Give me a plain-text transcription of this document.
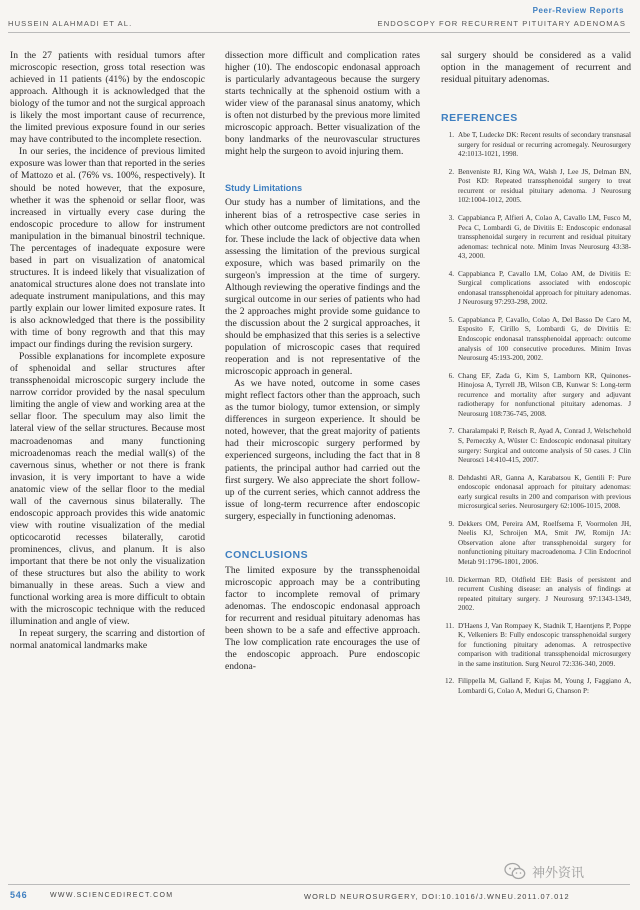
Peer-Review Reports
HUSSEIN ALAHMADI ET AL.	ENDOSCOPY FOR RECURRENT PITUITARY ADENOMAS

In the 27 patients with residual tumors after microscopic resection, gross total resection was achieved in 11 patients (41%) by the endoscopic approach. Although it is acknowledged that the biology of the tumor and not the surgical approach is likely the most important cause of recurrence, the limited previous exposure found in our series may have contributed to the incomplete resection.

In our series, the incidence of previous limited exposure was lower than that reported in the series of Mattozo et al. (76% vs. 100%, respectively). It should be noted however, that the exposure, whether it was the sphenoid or sellar floor, was increased in virtually every case during the endoscopic procedure to allow for instrument manipulation in the bimanual binostril technique. The percentages of inadequate exposure were based in part on visualization of anatomical structures. It is indeed likely that visualization of anatomical structures alone does not translate into adequate instrument manipulations, and this may partly explain our lower limited exposure rates. It is also acknowledged that there is the possibility with time of bony regrowth and that this may impact our findings during the revision surgery.

Possible explanations for incomplete exposure of sphenoidal and sellar structures after transsphenoidal microscopic surgery include the narrow corridor provided by the nasal speculum limiting the angle of view and working area at the sellar floor. The speculum may also limit the lateral view of the sellar structures. Because most macroadenomas and many functioning microadenomas reach the medial wall(s) of the cavernous sinus, whether or not there is frank invasion, it is very important to have a wide anatomic view of the sellar floor to the medial wall of the cavernous sinus bilaterally. The endoscopic approach provides this wide anatomic view with routine visualization of the medial opticocarotid recesses bilaterally, carotid prominences, clivus, and planum. It is also important that there be not only the visualization of these structures but also the ability to work bimanually in these areas. Such a view and functional working area is more difficult to obtain with the microscopic technique with the reduced illumination and angle of view.

In repeat surgery, the scarring and distortion of normal anatomical landmarks make

dissection more difficult and complication rates higher (10). The endoscopic endonasal approach is particularly advantageous because the surgery starts technically at the sphenoid ostium with a wider view of the paranasal sinus anatomy, which is often not disturbed by the previous more limited microscopic approach. Better visualization of the bony landmarks of the neurovascular structures might help the surgeon to avoid injuring them.

Study Limitations

Our study has a number of limitations, and the inherent bias of a retrospective case series in which other outcome predictors are not controlled for. These include the lack of objective data when assessing the limitation of the previous surgical exposure, which was based primarily on the surgeon's impression at the time of surgery. Although reviewing the operative findings and the surgical outcome in our series of patients who had the 2 approaches might provide some guidance to the discussion about the 2 surgical approaches, it should be emphasized that this series is a selective population of microscopic cases that required reoperation and is not representative of the microscopic approach in general.

As we have noted, outcome in some cases might reflect factors other than the approach, such as the tumor biology, tumor extension, or simply differences in surgeon experience. It should be noted, however, that the great majority of patients had their microscopic surgery performed by experienced surgeons, including the fact that in 8 patients, the principal author had carried out the first surgery. We also appreciate the short follow-up of the current series, which cannot address the issue of long-term recurrence after endoscopic surgery, especially in functioning adenomas.

CONCLUSIONS

The limited exposure by the transsphenoidal microscopic approach may be a contributing factor to incomplete removal of primary adenomas. The endoscopic endonasal approach for recurrent and residual pituitary adenomas has been shown to be a safe and effective approach. The low complication rate encourages the use of the endoscopic approach. Pure endoscopic endona-

sal surgery should be considered as a valid option in the management of recurrent and residual pituitary adenomas.

REFERENCES
1. Abe T, Ludecke DK: Recent results of secondary transnasal surgery for residual or recurring acromegaly. Neurosurgery 42:1013-1021, 1998.
2. Benveniste RJ, King WA, Walsh J, Lee JS, Delman BN, Post KD: Repeated transsphenoidal surgery to treat recurrent or residual pituitary adenoma. J Neurosurg 102:1004-1012, 2005.
3. Cappabianca P, Alfieri A, Colao A, Cavallo LM, Fusco M, Peca C, Lombardi G, de Divitiis E: Endoscopic endonasal transsphenoidal surgery in recurrent and residual pituitary adenomas: technical note. Minim Invas Neurosurg 43:38-43, 2000.
4. Cappabianca P, Cavallo LM, Colao AM, de Divitiis E: Surgical complications associated with endoscopic endonasal transsphenoidal approach for pituitary adenomas. J Neurosurg 97:293-298, 2002.
5. Cappabianca P, Cavallo, Colao A, Del Basso De Caro M, Esposito F, Cirillo S, Lombardi G, de Divitiis E: Endoscopic endonasal transsphenoidal approach: outcome analysis of 100 consecutive procedures. Minim Invas Neurosurg 45:193-200, 2002.
6. Chang EF, Zada G, Kim S, Lamborn KR, Quinones-Hinojosa A, Tyrrell JB, Wilson CB, Kunwar S: Long-term recurrence and mortality after surgery and adjuvant radiotherapy for nonfunctional pituitary adenomas. J Neurosurg 108:736-745, 2008.
7. Charalampaki P, Reisch R, Ayad A, Conrad J, Welschehold S, Perneczky A, Wüster C: Endoscopic endonasal pituitary surgery: Surgical and outcome analysis of 50 cases. J Clin Neurosci 14:410-415, 2007.
8. Dehdashti AR, Ganna A, Karabatsou K, Gentili F: Pure endoscopic endonasal approach for pituitary adenomas: early surgical results in 200 and comparison with previous microsurgical series. Neurosurgery 62:1006-1015, 2008.
9. Dekkers OM, Pereira AM, Roelfsema F, Voormolen JH, Neelis KJ, Schroijen MA, Smit JW, Romijn JA: Observation alone after transsphenoidal surgery for nonfunctioning pituitary macroadenoma. J Clin Endocrinol Metab 91:1796-1801, 2006.
10. Dickerman RD, Oldfield EH: Basis of persistent and recurrent Cushing disease: an analysis of findings at repeated pituitary surgery. J Neurosurg 97:1343-1349, 2002.
11. D'Haens J, Van Rompaey K, Stadnik T, Haentjens P, Poppe K, Velkeniers B: Fully endoscopic transsphenoidal surgery for functioning pituitary adenomas. A retrospective comparison with traditional transsphenoidal microsurgery in the same institution. Surg Neurol 72:336-340, 2009.
12. Filippella M, Galland F, Kujas M, Young J, Faggiano A, Lombardi G, Colao A, Meduri G, Chanson P:
神外资讯
546	WWW.SCIENCEDIRECT.COM	WORLD NEUROSURGERY, DOI:10.1016/J.WNEU.2011.07.012
